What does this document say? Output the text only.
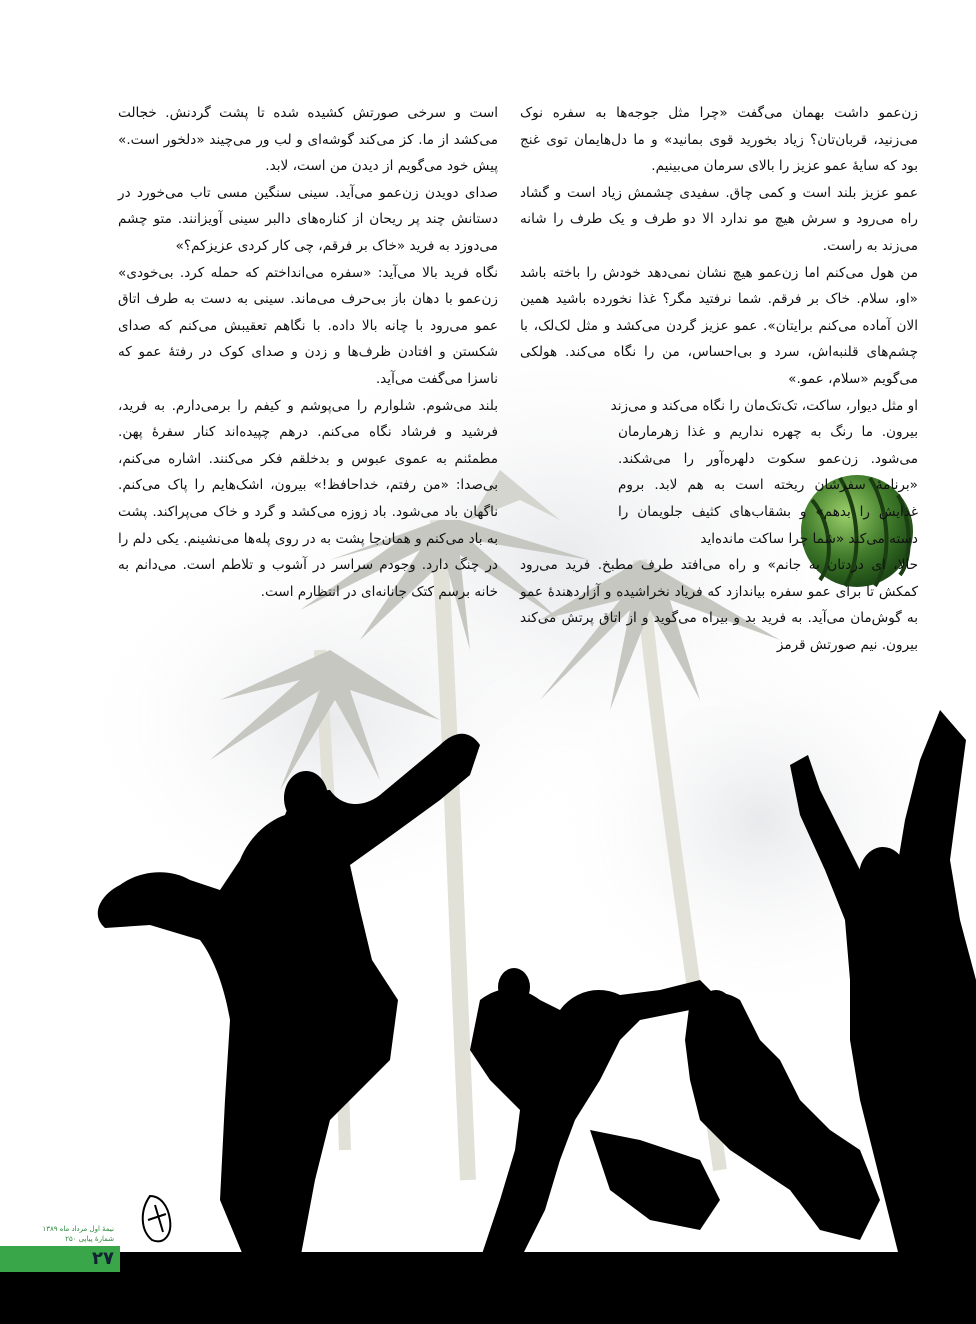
زن‌عمو داشت بهمان می‌گفت «چرا مثل جوجه‌ها به سفره نوک می‌زنید، قربان‌تان؟ زیاد بخورید قوی بمانید» و ما دل‌هایمان توی غنج بود که سایهٔ عمو عزیز را بالای سرمان می‌بینیم.

عمو عزیز بلند است و کمی چاق. سفیدی چشمش زیاد است و گشاد راه می‌رود و سرش هیچ مو ندارد الا دو طرف و یک طرف را شانه می‌زند به راست.

من هول می‌کنم اما زن‌عمو هیچ نشان نمی‌دهد خودش را باخته باشد «او، سلام. خاک بر فرقم. شما نرفتید مگر؟ غذا نخورده باشید همین الان آماده می‌کنم برایتان». عمو عزیز گردن می‌کشد و مثل لک‌لک، با چشم‌های قلنبه‌اش، سرد و بی‌احساس، من را نگاه می‌کند. هولکی می‌گویم «سلام، عمو.»

او مثل دیوار، ساکت، تک‌تک‌مان را نگاه می‌کند و می‌زند

بیرون. ما رنگ به چهره نداریم و غذا زهرمارمان می‌شود. زن‌عمو سکوت دلهره‌آور را می‌شکند. «برنامهٔ سفرشان ریخته است به هم لابد. بروم غذایش را بدهم» و بشقاب‌های کثیف جلویمان را دسته می‌کند «شما چرا ساکت مانده‌اید

حالا، ای دردتان به جانم» و راه می‌افتد طرف مطبخ. فرید می‌رود کمکش تا برای عمو سفره بیاندازد که فریاد نخراشیده و آزاردهندهٔ عمو به گوش‌مان می‌آید. به فرید بد و بیراه می‌گوید و از اتاق پرتش می‌کند بیرون. نیم صورتش قرمز

است و سرخی صورتش کشیده شده تا پشت گردنش. خجالت می‌کشد از ما. کز می‌کند گوشه‌ای و لب ور می‌چیند «دلخور است.» پیش خود می‌گویم از دیدن من است، لابد.

صدای دویدن زن‌عمو می‌آید. سینی سنگین مسی تاب می‌خورد در دستانش چند پر ریحان از کناره‌های دالبر سینی آویزانند. متو چشم می‌دوزد به فرید «خاک بر فرقم، چی کار کردی عزیزکم؟»

نگاه فرید بالا می‌آید: «سفره می‌انداختم که حمله کرد. بی‌خودی» زن‌عمو با دهان باز بی‌حرف می‌ماند. سینی به دست به طرف اتاق عمو می‌رود با چانه بالا داده. با نگاهم تعقیبش می‌کنم که صدای شکستن و افتادن ظرف‌ها و زدن و صدای کوک در رفتهٔ عمو که ناسزا می‌گفت می‌آید.

بلند می‌شوم. شلوارم را می‌پوشم و کیفم را برمی‌دارم. به فرید، فرشید و فرشاد نگاه می‌کنم. درهم چپیده‌اند کنار سفرهٔ پهن. مطمئنم به عموی عبوس و بدخلقم فکر می‌کنند. اشاره می‌کنم، بی‌صدا: «من رفتم، خداحافظ!» بیرون، اشک‌هایم را پاک می‌کنم. ناگهان باد می‌شود. باد زوزه می‌کشد و گرد و خاک می‌پراکند. پشت به باد می‌کنم و همان‌جا پشت به در روی پله‌ها می‌نشینم. یکی دلم را در چنگ دارد. وجودم سراسر در آشوب و تلاطم است. می‌دانم به خانه برسم کتک جانانه‌ای در انتظارم است.

نیمهٔ اول مرداد ماه ۱۳۸۹
شمارهٔ پیاپی ۲۵۰
۲۷
